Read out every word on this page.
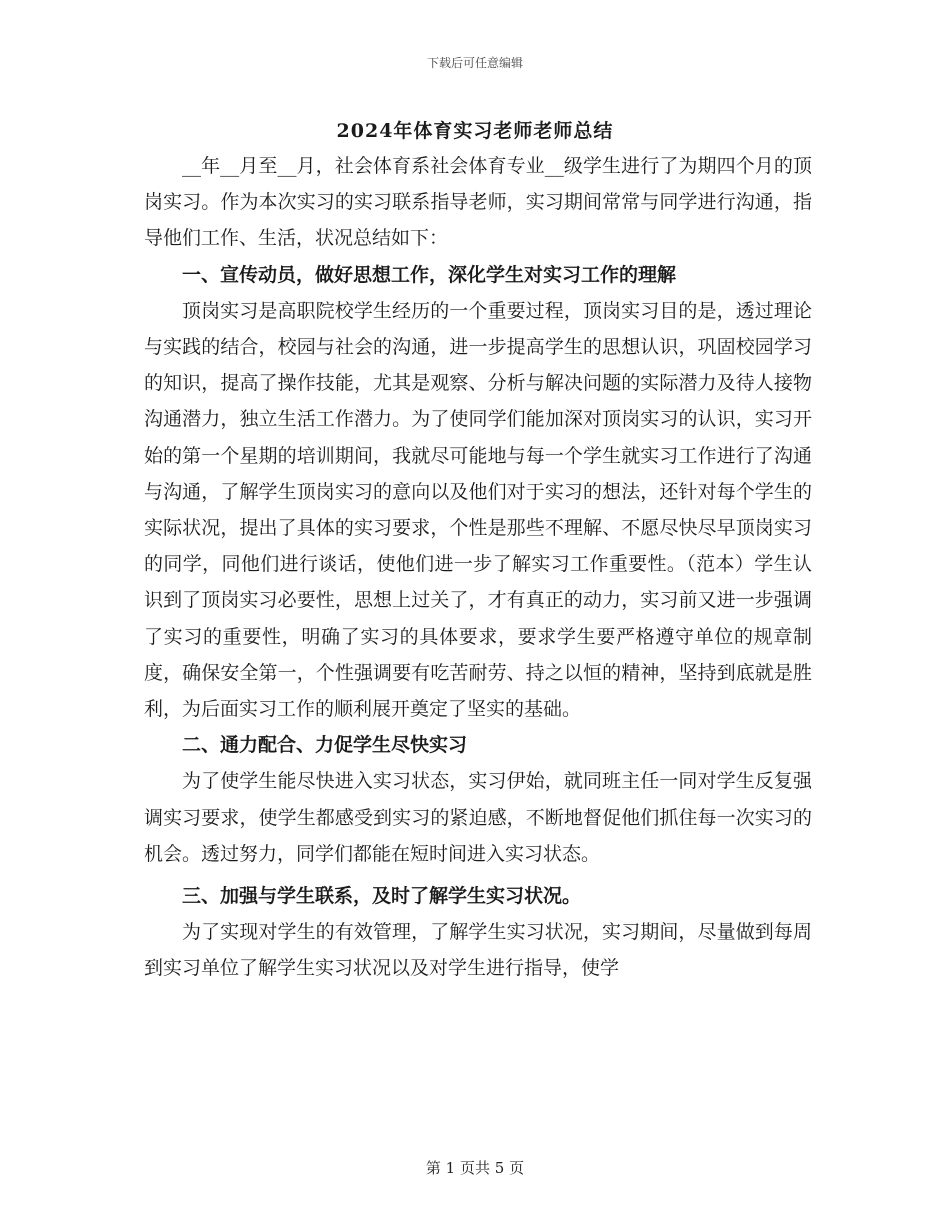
下载后可任意编辑
2024年体育实习老师老师总结

__年__月至__月，社会体育系社会体育专业__级学生进行了为期四个月的顶岗实习。作为本次实习的实习联系指导老师，实习期间常常与同学进行沟通，指导他们工作、生活，状况总结如下：

一、宣传动员，做好思想工作，深化学生对实习工作的理解

顶岗实习是高职院校学生经历的一个重要过程，顶岗实习目的是，透过理论与实践的结合，校园与社会的沟通，进一步提高学生的思想认识，巩固校园学习的知识，提高了操作技能，尤其是观察、分析与解决问题的实际潜力及待人接物沟通潜力，独立生活工作潜力。为了使同学们能加深对顶岗实习的认识，实习开始的第一个星期的培训期间，我就尽可能地与每一个学生就实习工作进行了沟通与沟通，了解学生顶岗实习的意向以及他们对于实习的想法，还针对每个学生的实际状况，提出了具体的实习要求，个性是那些不理解、不愿尽快尽早顶岗实习的同学，同他们进行谈话，使他们进一步了解实习工作重要性。（范本）学生认识到了顶岗实习必要性，思想上过关了，才有真正的动力，实习前又进一步强调了实习的重要性，明确了实习的具体要求，要求学生要严格遵守单位的规章制度，确保安全第一，个性强调要有吃苦耐劳、持之以恒的精神，坚持到底就是胜利，为后面实习工作的顺利展开奠定了坚实的基础。

二、通力配合、力促学生尽快实习

为了使学生能尽快进入实习状态，实习伊始，就同班主任一同对学生反复强调实习要求，使学生都感受到实习的紧迫感，不断地督促他们抓住每一次实习的机会。透过努力，同学们都能在短时间进入实习状态。

三、加强与学生联系，及时了解学生实习状况。

为了实现对学生的有效管理，了解学生实习状况，实习期间，尽量做到每周到实习单位了解学生实习状况以及对学生进行指导，使学

第 1 页共 5 页
